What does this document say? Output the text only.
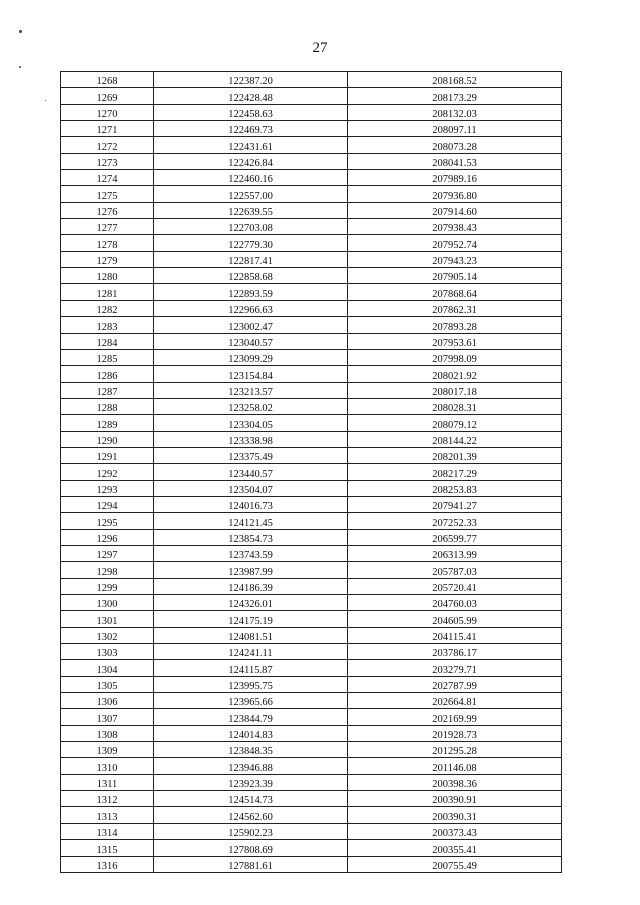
27
1268	122387.20	208168.52
1269	122428.48	208173.29
1270	122458.63	208132.03
1271	122469.73	208097.11
1272	122431.61	208073.28
1273	122426.84	208041.53
1274	122460.16	207989.16
1275	122557.00	207936.80
1276	122639.55	207914.60
1277	122703.08	207938.43
1278	122779.30	207952.74
1279	122817.41	207943.23
1280	122858.68	207905.14
1281	122893.59	207868.64
1282	122966.63	207862.31
1283	123002.47	207893.28
1284	123040.57	207953.61
1285	123099.29	207998.09
1286	123154.84	208021.92
1287	123213.57	208017.18
1288	123258.02	208028.31
1289	123304.05	208079.12
1290	123338.98	208144.22
1291	123375.49	208201.39
1292	123440.57	208217.29
1293	123504.07	208253.83
1294	124016.73	207941.27
1295	124121.45	207252.33
1296	123854.73	206599.77
1297	123743.59	206313.99
1298	123987.99	205787.03
1299	124186.39	205720.41
1300	124326.01	204760.03
1301	124175.19	204605.99
1302	124081.51	204115.41
1303	124241.11	203786.17
1304	124115.87	203279.71
1305	123995.75	202787.99
1306	123965.66	202664.81
1307	123844.79	202169.99
1308	124014.83	201928.73
1309	123848.35	201295.28
1310	123946.88	201146.08
1311	123923.39	200398.36
1312	124514.73	200390.91
1313	124562.60	200390.31
1314	125902.23	200373.43
1315	127808.69	200355.41
1316	127881.61	200755.49
